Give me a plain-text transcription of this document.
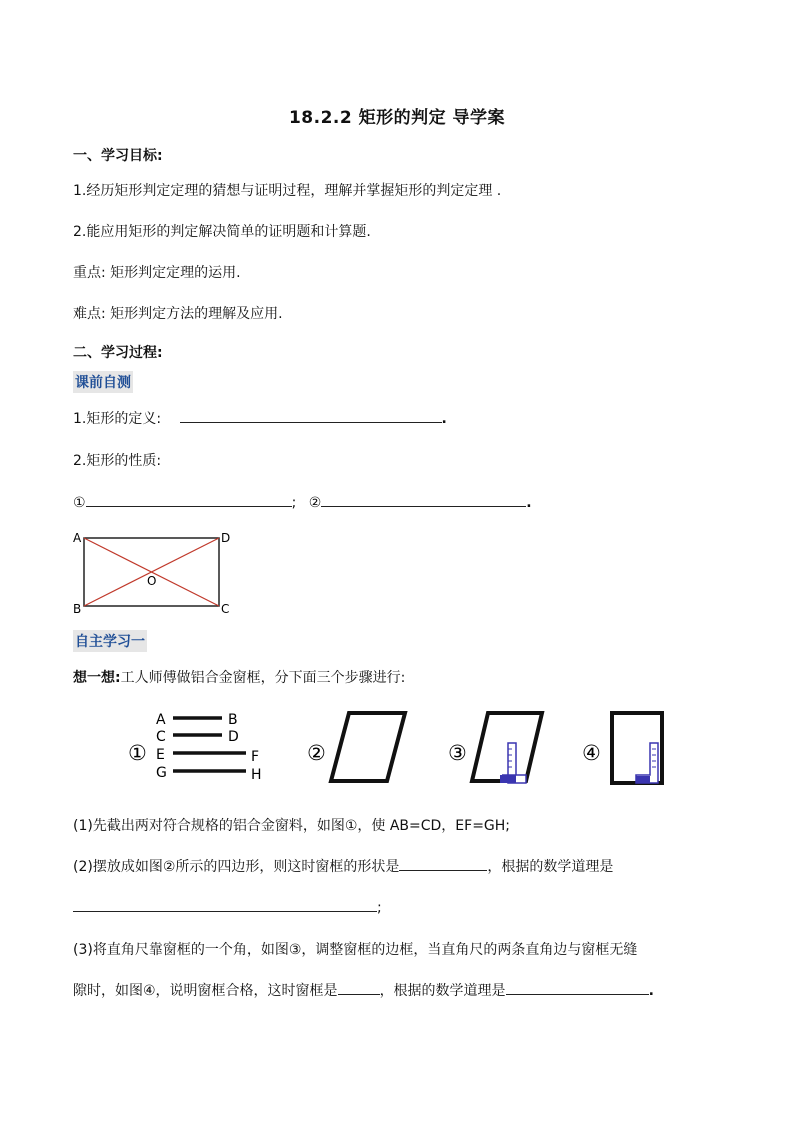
18.2.2 矩形的判定 导学案
一、学习目标:
1.经历矩形判定定理的猜想与证明过程，理解并掌握矩形的判定定理 .
2.能应用矩形的判定解决简单的证明题和计算题.
重点: 矩形判定定理的运用.
难点: 矩形判定方法的理解及应用.
二、学习过程:
课前自测
1.矩形的定义:	.
2.矩形的性质:
①	; ②	.
A	D
B	C
O
自主学习一
想一想:工人师傅做铝合金窗框，分下面三个步骤进行:
①
A	B
C	D
E	F
G	H
②	③	④
(1)先截出两对符合规格的铝合金窗料，如图①，使 AB=CD，EF=GH;
(2)摆放成如图②所示的四边形，则这时窗框的形状是	，根据的数学道理是
;
(3)将直角尺靠窗框的一个角，如图③，调整窗框的边框，当直角尺的两条直角边与窗框无缝
隙时，如图④，说明窗框合格，这时窗框是	，根据的数学道理是	.
